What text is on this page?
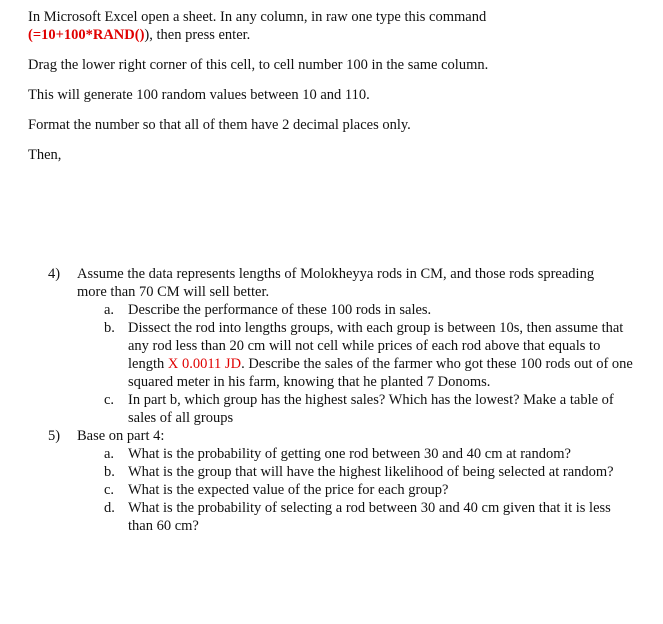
In Microsoft Excel open a sheet. In any column, in raw one type this command
(=10+100*RAND()), then press enter.

Drag the lower right corner of this cell, to cell number 100 in the same column.

This will generate 100 random values between 10 and 110.

Format the number so that all of them have 2 decimal places only.

Then,

4) Assume the data represents lengths of Molokheyya rods in CM, and those rods spreading more than 70 CM will sell better.
a. Describe the performance of these 100 rods in sales.
b. Dissect the rod into lengths groups, with each group is between 10s, then assume that any rod less than 20 cm will not cell while prices of each rod above that equals to length X 0.0011 JD. Describe the sales of the farmer who got these 100 rods out of one squared meter in his farm, knowing that he planted 7 Donoms.
c. In part b, which group has the highest sales? Which has the lowest? Make a table of sales of all groups
5) Base on part 4:
a. What is the probability of getting one rod between 30 and 40 cm at random?
b. What is the group that will have the highest likelihood of being selected at random?
c. What is the expected value of the price for each group?
d. What is the probability of selecting a rod between 30 and 40 cm given that it is less than 60 cm?
